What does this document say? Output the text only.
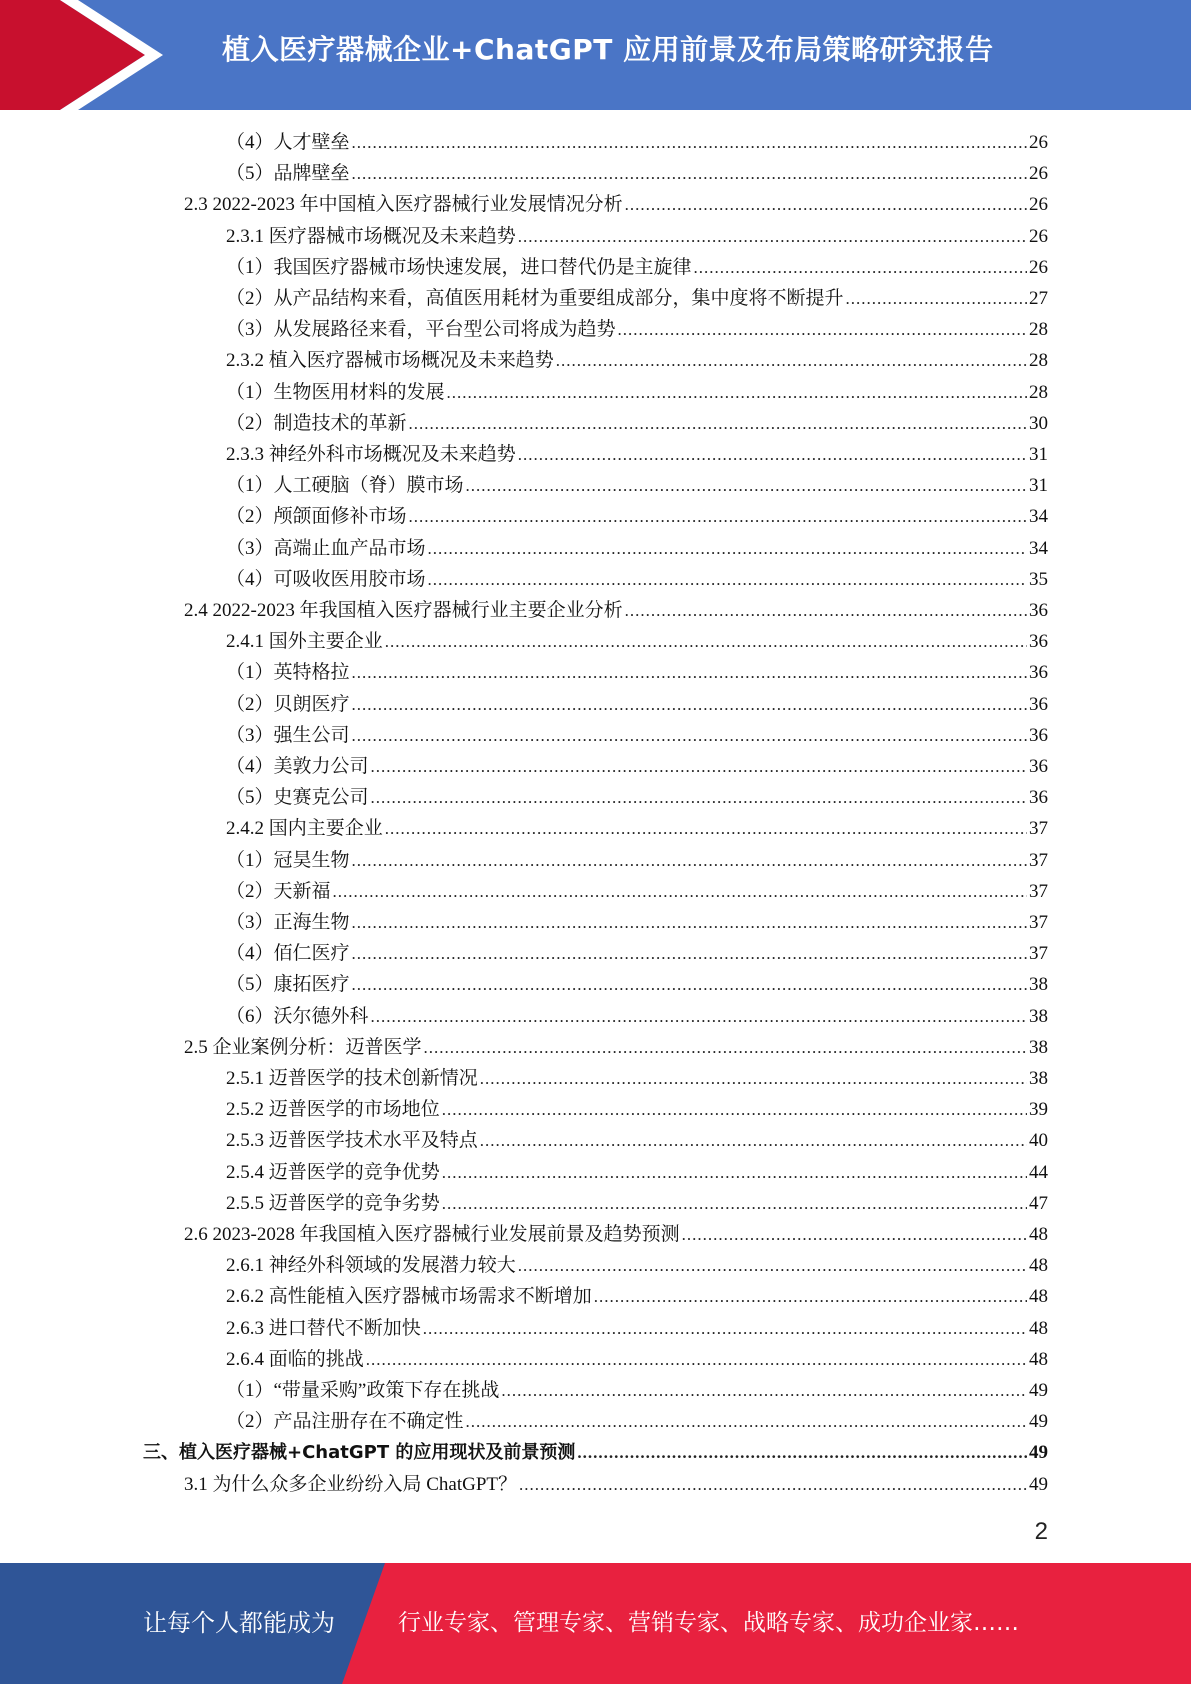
植入医疗器械企业+ChatGPT 应用前景及布局策略研究报告
（4）人才壁垒 .....	26
（5）品牌壁垒 .....	26
2.3 2022-2023 年中国植入医疗器械行业发展情况分析 .....	26
2.3.1 医疗器械市场概况及未来趋势 .....	26
（1）我国医疗器械市场快速发展，进口替代仍是主旋律 .....	26
（2）从产品结构来看，高值医用耗材为重要组成部分，集中度将不断提升 .....	27
（3）从发展路径来看，平台型公司将成为趋势 .....	28
2.3.2 植入医疗器械市场概况及未来趋势 .....	28
（1）生物医用材料的发展 .....	28
（2）制造技术的革新 .....	30
2.3.3 神经外科市场概况及未来趋势 .....	31
（1）人工硬脑（脊）膜市场 .....	31
（2）颅颌面修补市场 .....	34
（3）高端止血产品市场 .....	34
（4）可吸收医用胶市场 .....	35
2.4 2022-2023 年我国植入医疗器械行业主要企业分析 .....	36
2.4.1 国外主要企业 .....	36
（1）英特格拉 .....	36
（2）贝朗医疗 .....	36
（3）强生公司 .....	36
（4）美敦力公司 .....	36
（5）史赛克公司 .....	36
2.4.2 国内主要企业 .....	37
（1）冠昊生物 .....	37
（2）天新福 .....	37
（3）正海生物 .....	37
（4）佰仁医疗 .....	37
（5）康拓医疗 .....	38
（6）沃尔德外科 .....	38
2.5 企业案例分析：迈普医学 .....	38
2.5.1 迈普医学的技术创新情况 .....	38
2.5.2 迈普医学的市场地位 .....	39
2.5.3 迈普医学技术水平及特点 .....	40
2.5.4 迈普医学的竞争优势 .....	44
2.5.5 迈普医学的竞争劣势 .....	47
2.6 2023-2028 年我国植入医疗器械行业发展前景及趋势预测 .....	48
2.6.1 神经外科领域的发展潜力较大 .....	48
2.6.2 高性能植入医疗器械市场需求不断增加 .....	48
2.6.3 进口替代不断加快 .....	48
2.6.4 面临的挑战 .....	48
（1）“带量采购”政策下存在挑战 .....	49
（2）产品注册存在不确定性 .....	49
三、植入医疗器械+ChatGPT 的应用现状及前景预测 .....	49
3.1 为什么众多企业纷纷入局 ChatGPT？ .....	49
2
让每个人都能成为	行业专家、管理专家、营销专家、战略专家、成功企业家……
